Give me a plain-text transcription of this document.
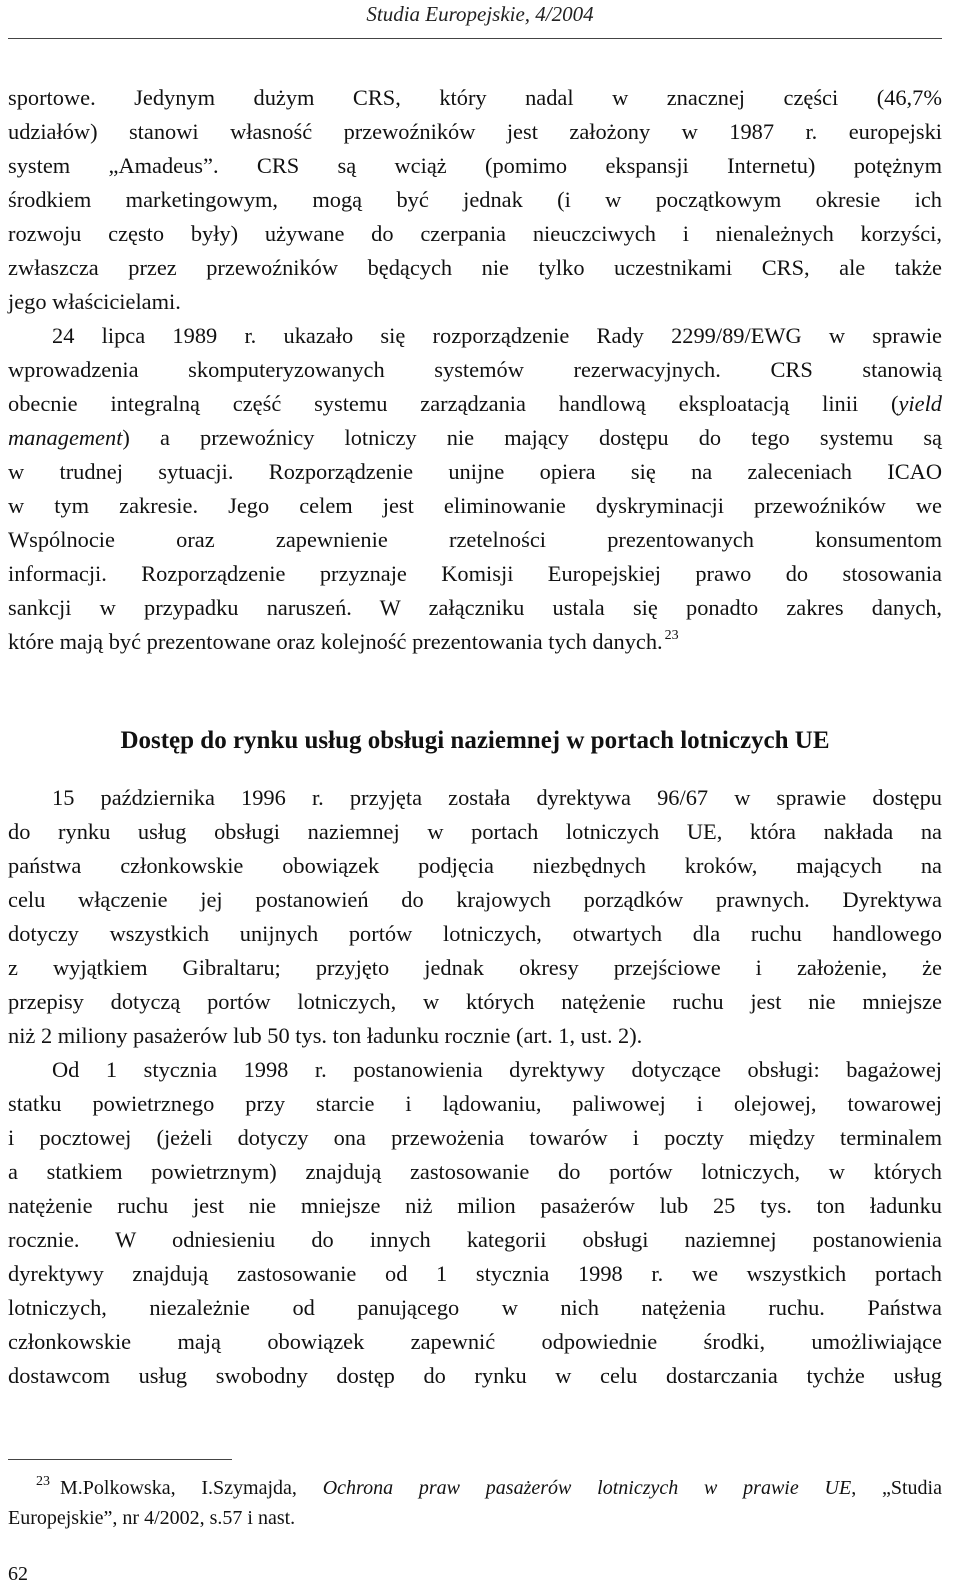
Studia Europejskie, 4/2004
sportowe. Jedynym dużym CRS, który nadal w znacznej części (46,7%
udziałów) stanowi własność przewoźników jest założony w 1987 r. europejski
system „Amadeus”. CRS są wciąż (pomimo ekspansji Internetu) potężnym
środkiem marketingowym, mogą być jednak (i w początkowym okresie ich
rozwoju często były) używane do czerpania nieuczciwych i nienależnych korzyści,
zwłaszcza przez przewoźników będących nie tylko uczestnikami CRS, ale także
jego właścicielami.
24 lipca 1989 r. ukazało się rozporządzenie Rady 2299/89/EWG w sprawie
wprowadzenia skomputeryzowanych systemów rezerwacyjnych. CRS stanowią
obecnie integralną część systemu zarządzania handlową eksploatacją linii (yield
management) a przewoźnicy lotniczy nie mający dostępu do tego systemu są
w trudnej sytuacji. Rozporządzenie unijne opiera się na zaleceniach ICAO
w tym zakresie. Jego celem jest eliminowanie dyskryminacji przewoźników we
Wspólnocie oraz zapewnienie rzetelności prezentowanych konsumentom
informacji. Rozporządzenie przyznaje Komisji Europejskiej prawo do stosowania
sankcji w przypadku naruszeń. W załączniku ustala się ponadto zakres danych,
które mają być prezentowane oraz kolejność prezentowania tych danych. $^{23}$
Dostęp do rynku usług obsługi naziemnej w portach lotniczych UE
15 października 1996 r. przyjęta została dyrektywa 96/67 w sprawie dostępu
do rynku usług obsługi naziemnej w portach lotniczych UE, która nakłada na
państwa członkowskie obowiązek podjęcia niezbędnych kroków, mających na
celu włączenie jej postanowień do krajowych porządków prawnych. Dyrektywa
dotyczy wszystkich unijnych portów lotniczych, otwartych dla ruchu handlowego
z wyjątkiem Gibraltaru; przyjęto jednak okresy przejściowe i założenie, że
przepisy dotyczą portów lotniczych, w których natężenie ruchu jest nie mniejsze
niż 2 miliony pasażerów lub 50 tys. ton ładunku rocznie (art. 1, ust. 2).
Od 1 stycznia 1998 r. postanowienia dyrektywy dotyczące obsługi: bagażowej
statku powietrznego przy starcie i lądowaniu, paliwowej i olejowej, towarowej
i pocztowej (jeżeli dotyczy ona przewożenia towarów i poczty między terminalem
a statkiem powietrznym) znajdują zastosowanie do portów lotniczych, w których
natężenie ruchu jest nie mniejsze niż milion pasażerów lub 25 tys. ton ładunku
rocznie. W odniesieniu do innych kategorii obsługi naziemnej postanowienia
dyrektywy znajdują zastosowanie od 1 stycznia 1998 r. we wszystkich portach
lotniczych, niezależnie od panującego w nich natężenia ruchu. Państwa
członkowskie mają obowiązek zapewnić odpowiednie środki, umożliwiające
dostawcom usług swobodny dostęp do rynku w celu dostarczania tychże usług
$^{23}$ M.Polkowska, I.Szymajda, Ochrona praw pasażerów lotniczych w prawie UE, „Studia
Europejskie”, nr 4/2002, s.57 i nast.
62
